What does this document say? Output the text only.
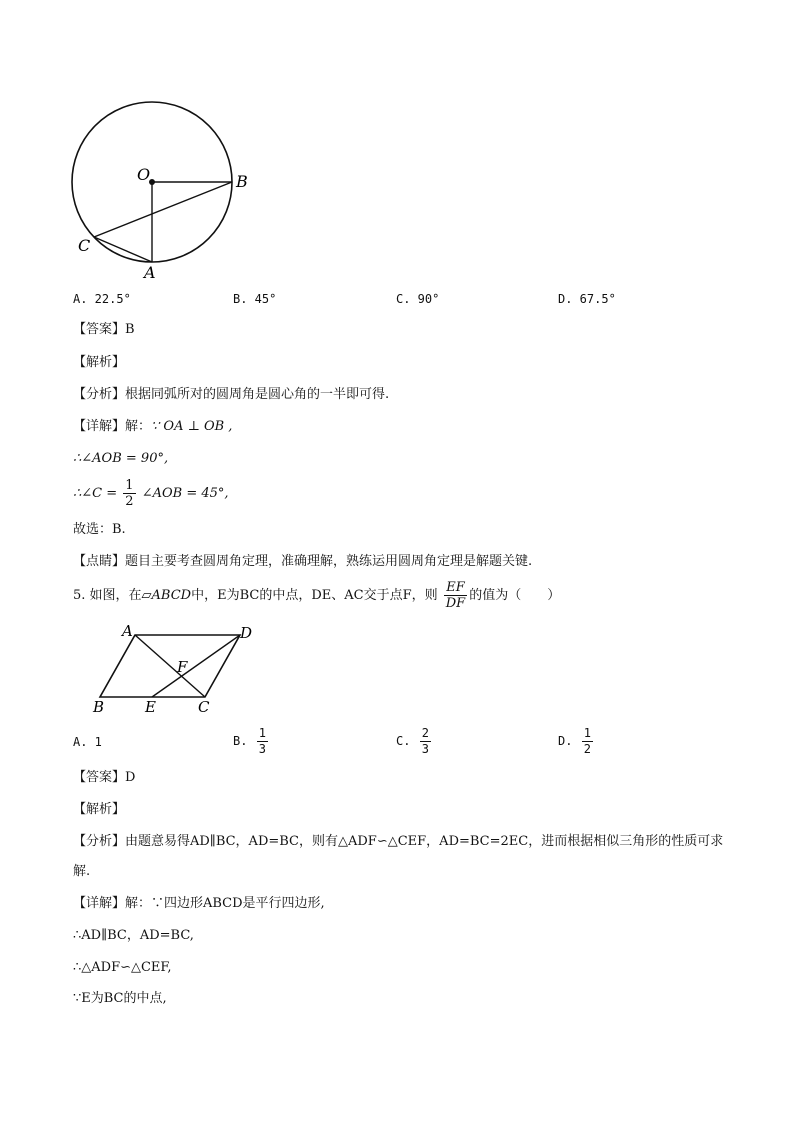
O	B
C
A
A. 22.5°	B. 45°	C. 90°	D. 67.5°
【答案】B
【解析】
【分析】根据同弧所对的圆周角是圆心角的一半即可得.
【详解】解：∵ OA ⊥ OB ,
∴∠AOB = 90°,
∴∠C = $\frac{1}{2}$ ∠AOB = 45°,
故选：B.
【点睛】题目主要考查圆周角定理，准确理解，熟练运用圆周角定理是解题关键.
5. 如图，在▱ABCD中，E为BC的中点，DE、AC交于点F，则 $\frac{EF}{DF}$ 的值为（　　）
A	D
F
B	E	C
A. 1	B. $\frac{1}{3}$	C. $\frac{2}{3}$	D. $\frac{1}{2}$
【答案】D
【解析】
【分析】由题意易得AD∥BC，AD=BC，则有△ADF∽△CEF，AD=BC=2EC，进而根据相似三角形的性质可求
解.
【详解】解：∵四边形ABCD是平行四边形,
∴AD∥BC，AD=BC,
∴△ADF∽△CEF,
∵E为BC的中点,
